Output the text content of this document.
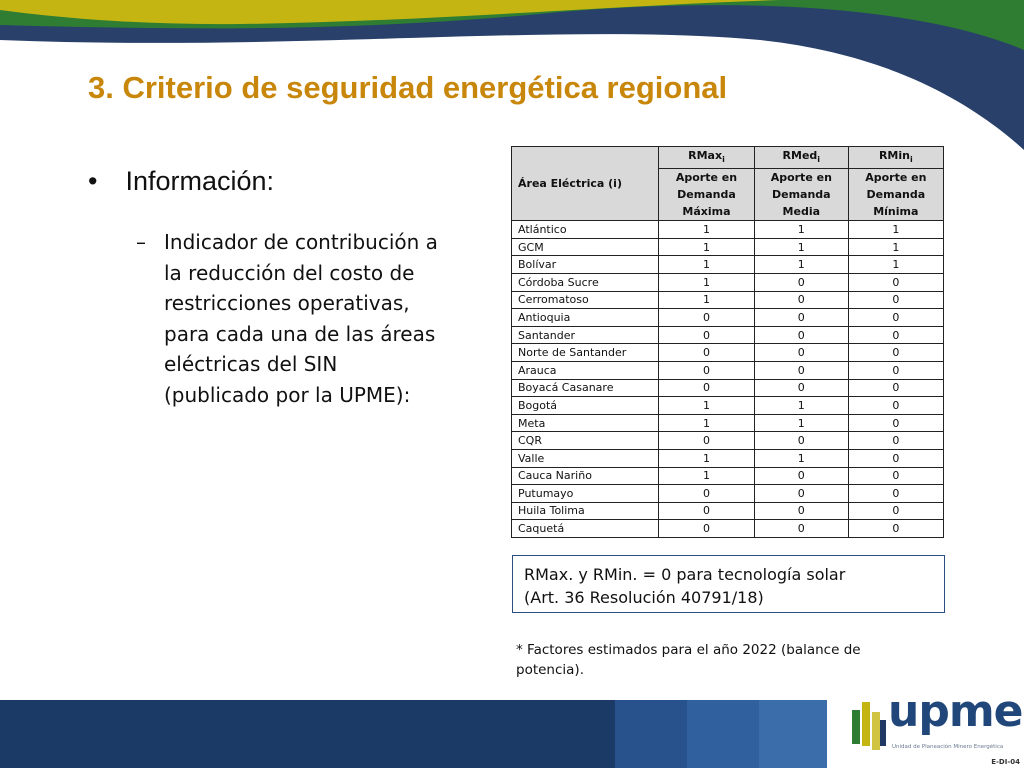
3. Criterio de seguridad energética regional
• Información:
– Indicador de contribución a la reducción del costo de restricciones operativas, para cada una de las áreas eléctricas del SIN (publicado por la UPME):
Área Eléctrica (i)	RMax$_i$	RMed$_i$	RMin$_i$
	Aporte en Demanda Máxima	Aporte en Demanda Media	Aporte en Demanda Mínima
Atlántico	1	1	1
GCM	1	1	1
Bolívar	1	1	1
Córdoba Sucre	1	0	0
Cerromatoso	1	0	0
Antioquia	0	0	0
Santander	0	0	0
Norte de Santander	0	0	0
Arauca	0	0	0
Boyacá Casanare	0	0	0
Bogotá	1	1	0
Meta	1	1	0
CQR	0	0	0
Valle	1	1	0
Cauca Nariño	1	0	0
Putumayo	0	0	0
Huila Tolima	0	0	0
Caquetá	0	0	0
RMax. y RMin. = 0 para tecnología solar
(Art. 36 Resolución 40791/18)
* Factores estimados para el año 2022 (balance de potencia).
upme
Unidad de Planeación Minero Energética
E-DI-04
